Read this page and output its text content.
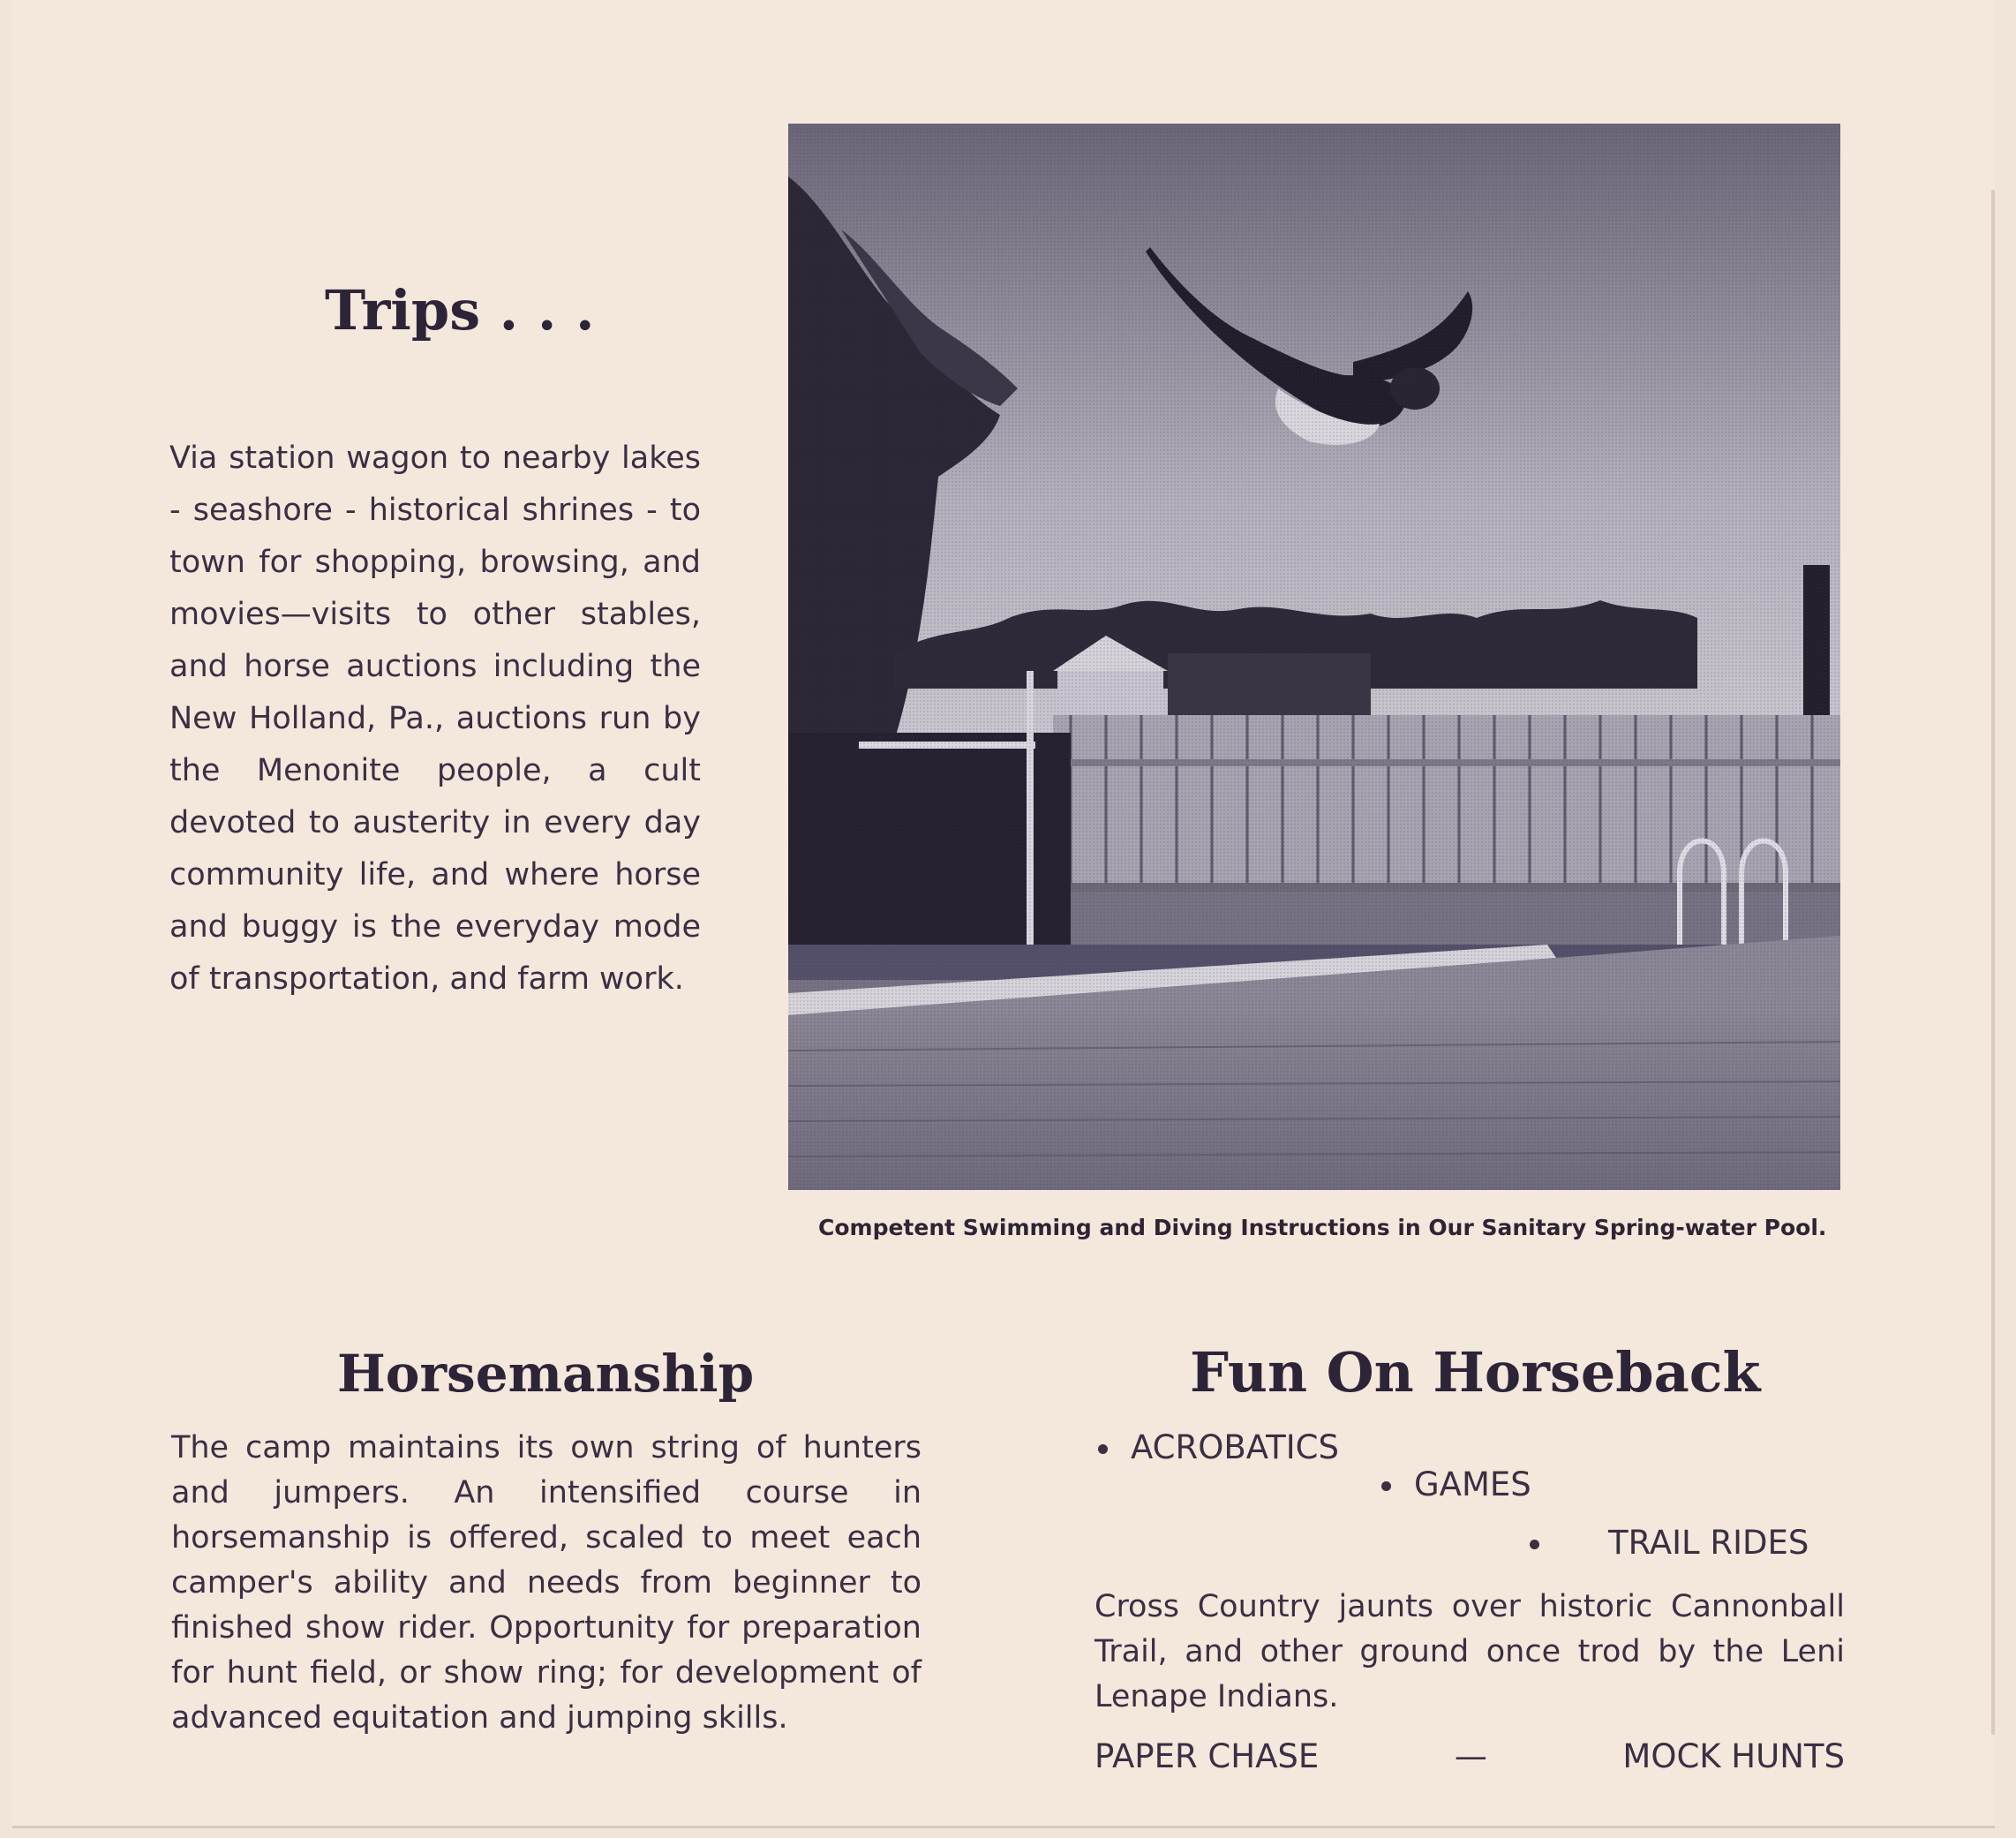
Trips . . .
Via station wagon to nearby lakes - seashore - historical shrines - to town for shopping, browsing, and movies—visits to other stables, and horse auctions including the New Holland, Pa., auctions run by the Menonite people, a cult devoted to austerity in every day community life, and where horse and buggy is the everyday mode of transportation, and farm work.
Competent Swimming and Diving Instructions in Our Sanitary Spring-water Pool.
Horsemanship
The camp maintains its own string of hunters and jumpers. An intensified course in horsemanship is offered, scaled to meet each camper's ability and needs from beginner to finished show rider. Opportunity for preparation for hunt field, or show ring; for development of advanced equitation and jumping skills.
Fun On Horseback
ACROBATICS
GAMES
TRAIL RIDES
Cross Country jaunts over historic Cannonball Trail, and other ground once trod by the Leni Lenape Indians.
PAPER CHASE	—	MOCK HUNTS
